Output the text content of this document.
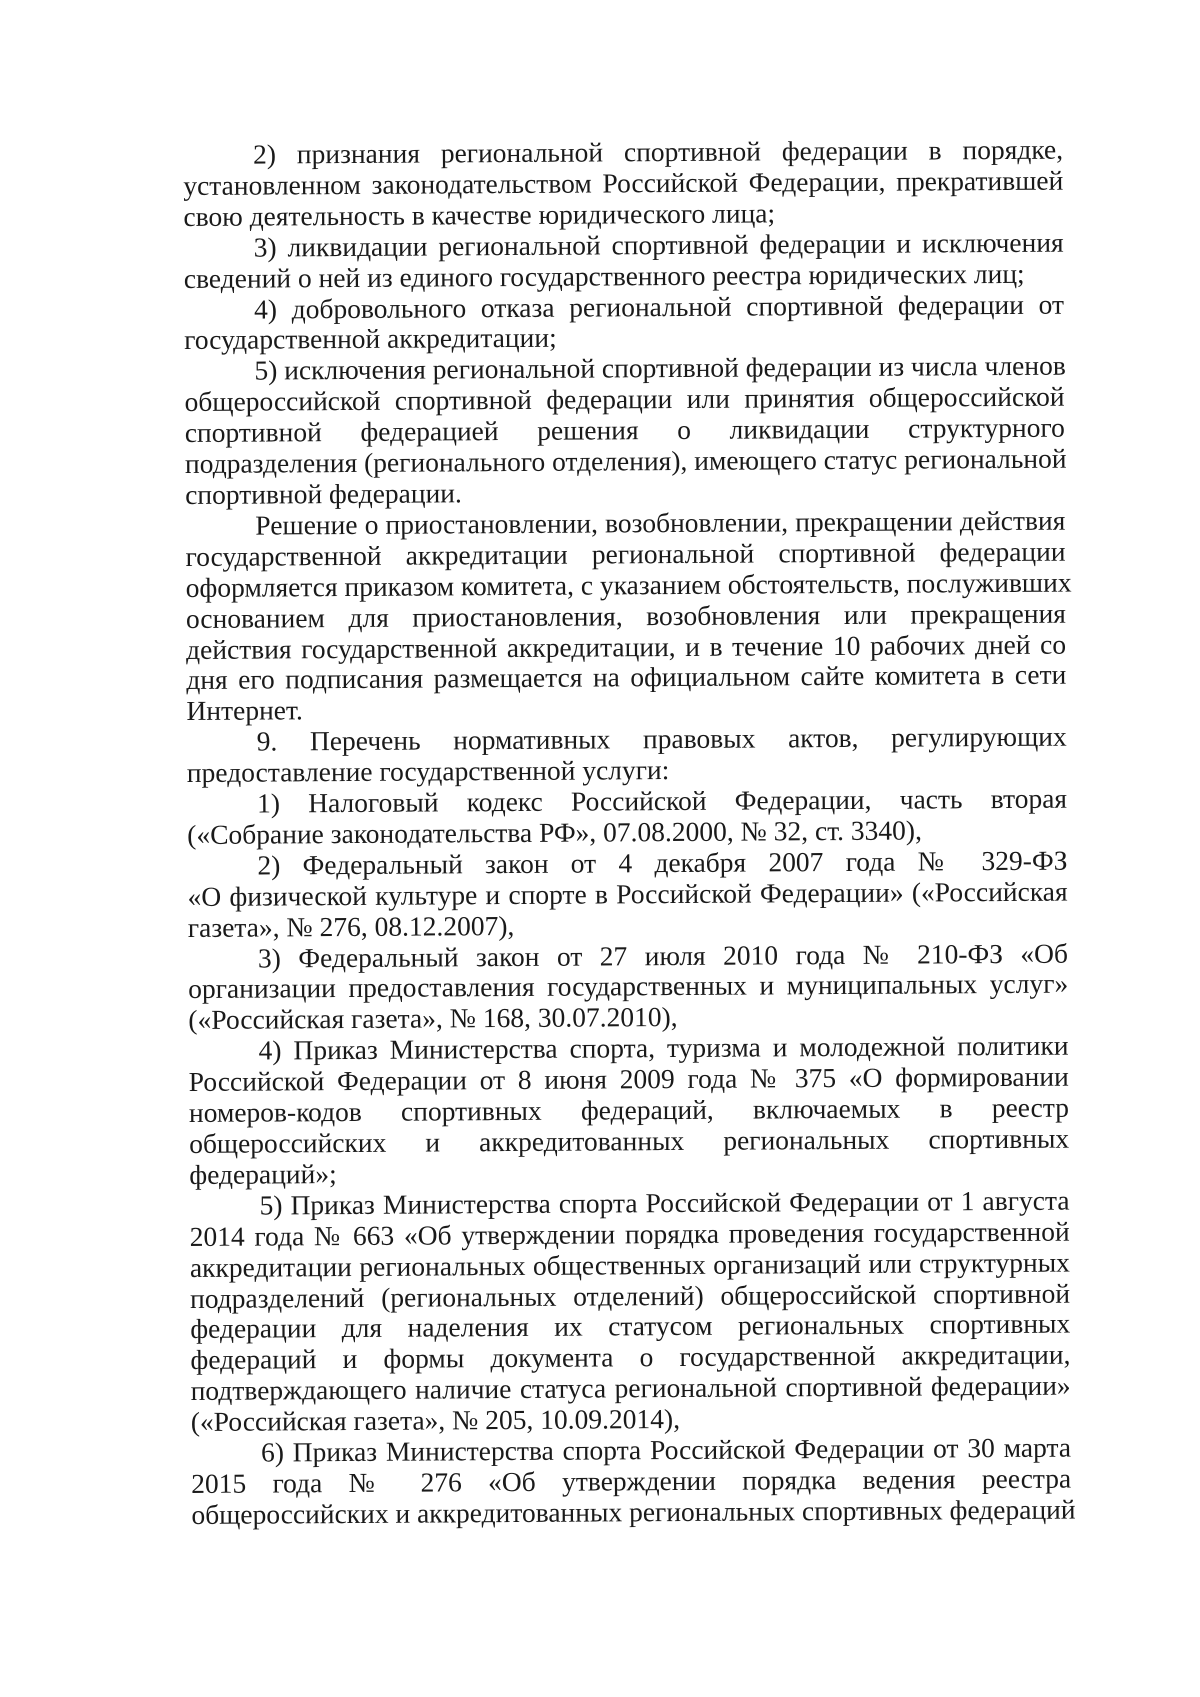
2) признания региональной спортивной федерации в порядке,
установленном законодательством Российской Федерации, прекратившей
свою деятельность в качестве юридического лица;

3) ликвидации региональной спортивной федерации и исключения
сведений о ней из единого государственного реестра юридических лиц;

4) добровольного отказа региональной спортивной федерации от
государственной аккредитации;

5) исключения региональной спортивной федерации из числа членов
общероссийской спортивной федерации или принятия общероссийской
спортивной федерацией решения о ликвидации структурного
подразделения (регионального отделения), имеющего статус региональной
спортивной федерации.

Решение о приостановлении, возобновлении, прекращении действия
государственной аккредитации региональной спортивной федерации
оформляется приказом комитета, с указанием обстоятельств, послуживших
основанием для приостановления, возобновления или прекращения
действия государственной аккредитации, и в течение 10 рабочих дней со
дня его подписания размещается на официальном сайте комитета в сети
Интернет.

9. Перечень нормативных правовых актов, регулирующих
предоставление государственной услуги:

1) Налоговый кодекс Российской Федерации, часть вторая
(«Собрание законодательства РФ», 07.08.2000, № 32, ст. 3340),

2) Федеральный закон от 4 декабря 2007 года № 329-ФЗ
«О физической культуре и спорте в Российской Федерации» («Российская
газета», № 276, 08.12.2007),

3) Федеральный закон от 27 июля 2010 года № 210-ФЗ «Об
организации предоставления государственных и муниципальных услуг»
(«Российская газета», № 168, 30.07.2010),

4) Приказ Министерства спорта, туризма и молодежной политики
Российской Федерации от 8 июня 2009 года № 375 «О формировании
номеров-кодов спортивных федераций, включаемых в реестр
общероссийских и аккредитованных региональных спортивных
федераций»;

5) Приказ Министерства спорта Российской Федерации от 1 августа
2014 года № 663 «Об утверждении порядка проведения государственной
аккредитации региональных общественных организаций или структурных
подразделений (региональных отделений) общероссийской спортивной
федерации для наделения их статусом региональных спортивных
федераций и формы документа о государственной аккредитации,
подтверждающего наличие статуса региональной спортивной федерации»
(«Российская газета», № 205, 10.09.2014),

6) Приказ Министерства спорта Российской Федерации от 30 марта
2015 года № 276 «Об утверждении порядка ведения реестра
общероссийских и аккредитованных региональных спортивных федераций
